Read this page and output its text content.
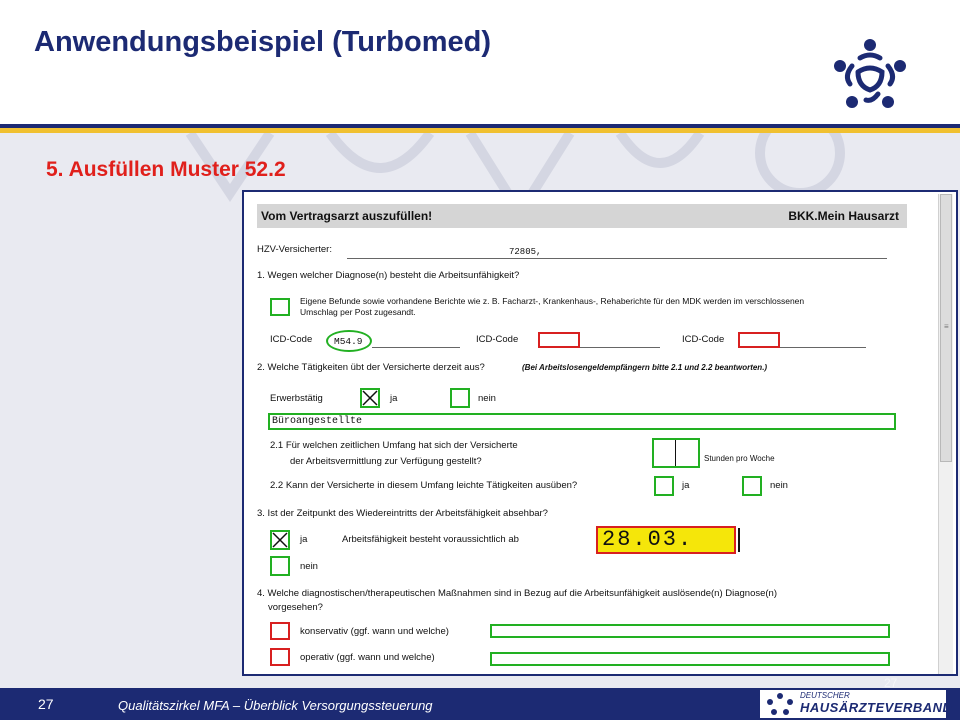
Anwendungsbeispiel (Turbomed)
5. Ausfüllen Muster 52.2
Vom Vertragsarzt auszufüllen!	BKK.Mein Hausarzt
HZV-Versicherter:	72805,
1. Wegen welcher Diagnose(n) besteht die Arbeitsunfähigkeit?
Eigene Befunde sowie vorhandene Berichte wie z. B. Facharzt-, Krankenhaus-, Rehaberichte für den MDK werden im verschlossenen
Umschlag per Post zugesandt.
ICD-Code M54.9	ICD-Code	ICD-Code
2. Welche Tätigkeiten übt der Versicherte derzeit aus?	(Bei Arbeitslosengeldempfängern bitte 2.1 und 2.2 beantworten.)
Erwerbstätig	ja	nein
Büroangestellte
2.1 Für welchen zeitlichen Umfang hat sich der Versicherte
der Arbeitsvermittlung zur Verfügung gestellt?	Stunden pro Woche
2.2 Kann der Versicherte in diesem Umfang leichte Tätigkeiten ausüben?	ja	nein
3. Ist der Zeitpunkt des Wiedereintritts der Arbeitsfähigkeit absehbar?
ja	Arbeitsfähigkeit besteht voraussichtlich ab	28.03.
nein
4. Welche diagnostischen/therapeutischen Maßnahmen sind in Bezug auf die Arbeitsunfähigkeit auslösende(n) Diagnose(n)
vorgesehen?
konservativ (ggf. wann und welche)
operativ (ggf. wann und welche)
≡
27	Qualitätszirkel MFA – Überblick Versorgungssteuerung
DEUTSCHER
HAUSÄRZTEVERBAND
27
